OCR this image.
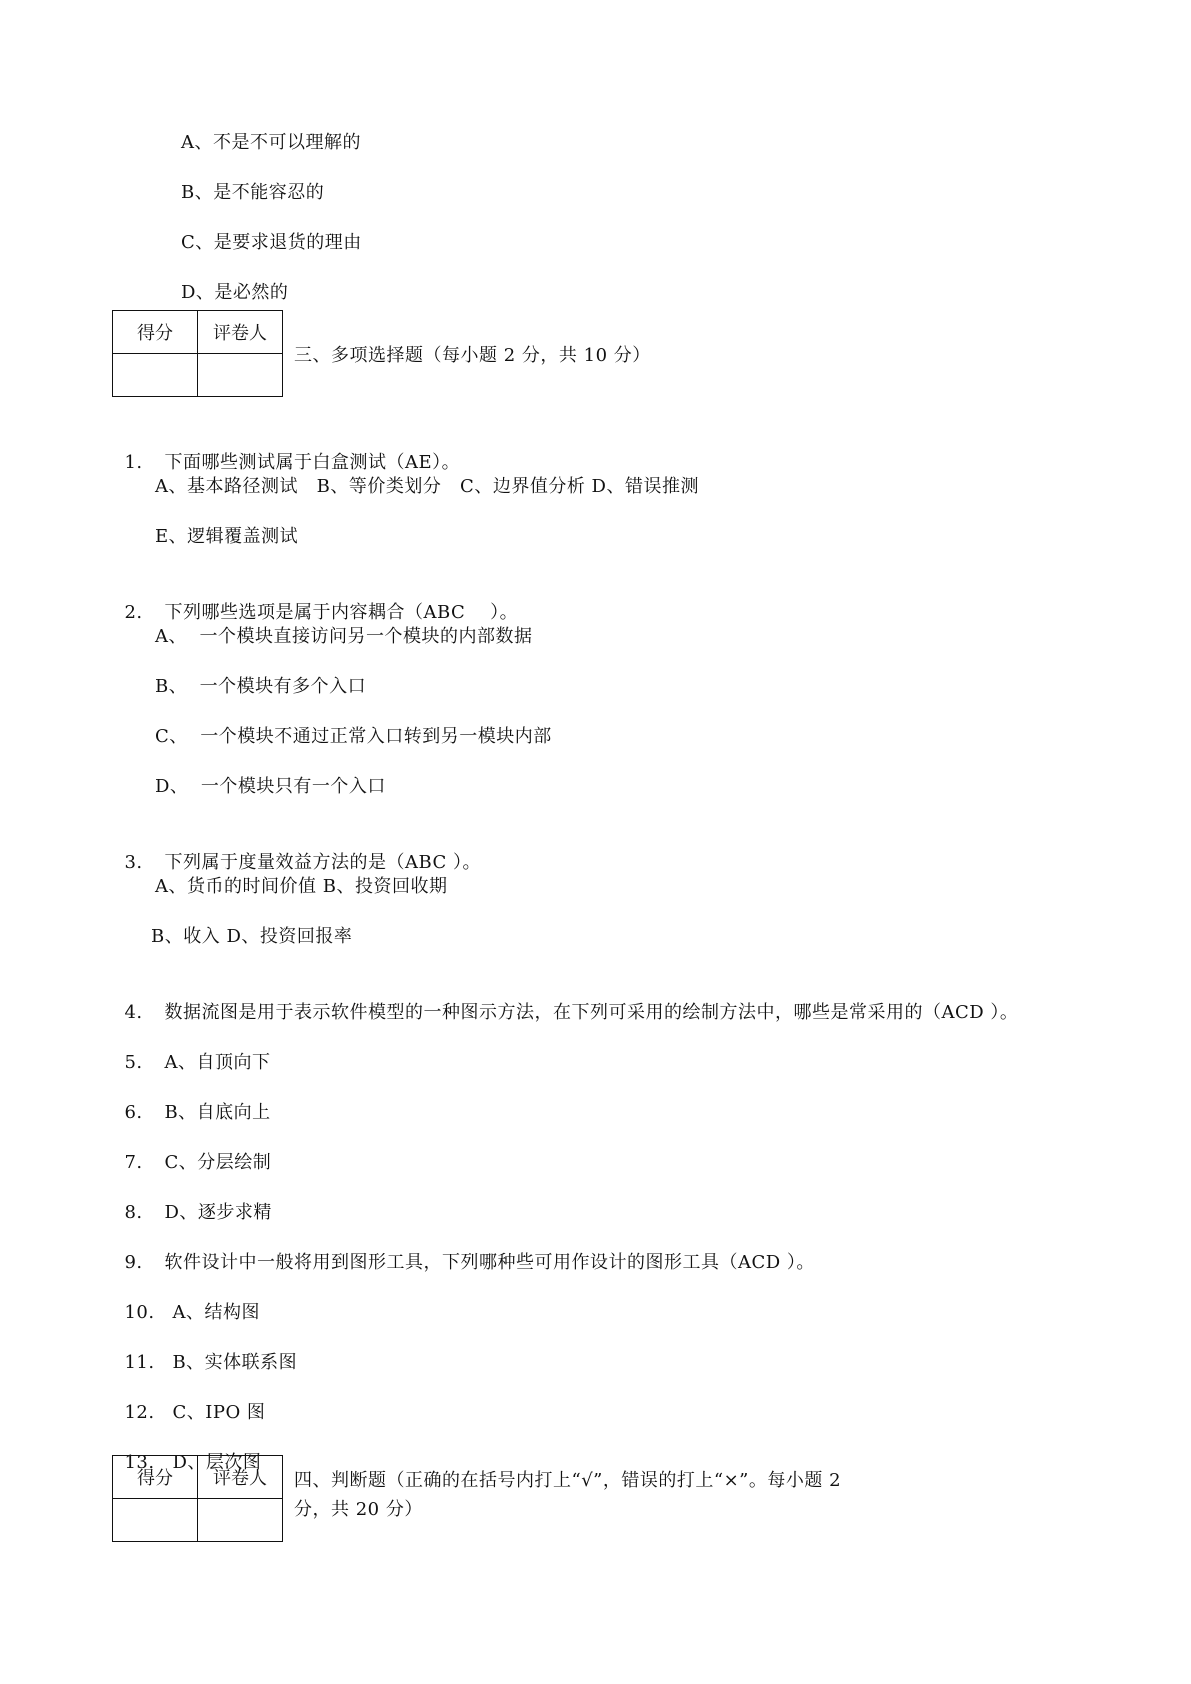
A、不是不可以理解的
B、是不能容忍的
C、是要求退货的理由
D、是必然的
得分	评卷人

三、多项选择题（每小题 2 分，共 10 分）

1. 下面哪些测试属于白盒测试（AE）。

A、基本路径测试   B、等价类划分   C、边界值分析 D、错误推测
E、逻辑覆盖测试

2. 下列哪些选项是属于内容耦合（ABC    ）。

A、  一个模块直接访问另一个模块的内部数据
B、  一个模块有多个入口
C、  一个模块不通过正常入口转到另一模块内部
D、  一个模块只有一个入口

3. 下列属于度量效益方法的是（ABC ）。

A、货币的时间价值 B、投资回收期
B、收入 D、投资回报率

4. 数据流图是用于表示软件模型的一种图示方法，在下列可采用的绘制方法中，哪些是常采用的（ACD ）。

5. A、自顶向下

6. B、自底向上

7. C、分层绘制

8. D、逐步求精

9. 软件设计中一般将用到图形工具，下列哪种些可用作设计的图形工具（ACD ）。

10. A、结构图

11. B、实体联系图

12. C、IPO 图

13. D、层次图

得分	评卷人
	四、判断题（正确的在括号内打上“√”，错误的打上“×”。每小题 2
分，共 20 分）
